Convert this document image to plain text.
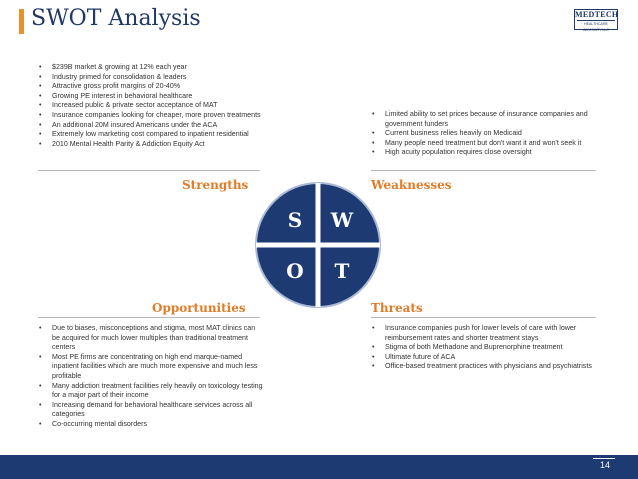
SWOT Analysis	MEDTECH
HEALTHCARE ADVISORY LLC
• $239B market & growing at 12% each year
• Industry primed for consolidation & leaders
• Attractive gross profit margins of 20-40%
• Growing PE interest in behavioral healthcare
• Increased public & private sector acceptance of MAT
• Insurance companies looking for cheaper, more proven treatments
• An additional 20M insured Americans under the ACA
• Extremely low marketing cost compared to inpatient residential
• 2010 Mental Health Parity & Addiction Equity Act
• Limited ability to set prices because of insurance companies and government funders
• Current business relies heavily on Medicaid
• Many people need treatment but don't want it and won't seek it
• High acuity population requires close oversight
Strengths	Weaknesses
Opportunities	Threats
S W
O T
• Due to biases, misconceptions and stigma, most MAT clinics can be acquired for much lower multiples than traditional treatment centers
• Most PE firms are concentrating on high end marque-named inpatient facilities which are much more expensive and much less profitable
• Many addiction treatment facilities rely heavily on toxicology testing for a major part of their income
• Increasing demand for behavioral healthcare services across all categories
• Co-occurring mental disorders
• Insurance companies push for lower levels of care with lower reimbursement rates and shorter treatment stays
• Stigma of both Methadone and Buprenorphine treatment
• Ultimate future of ACA
• Office-based treatment practices with physicians and psychiatrists
14
